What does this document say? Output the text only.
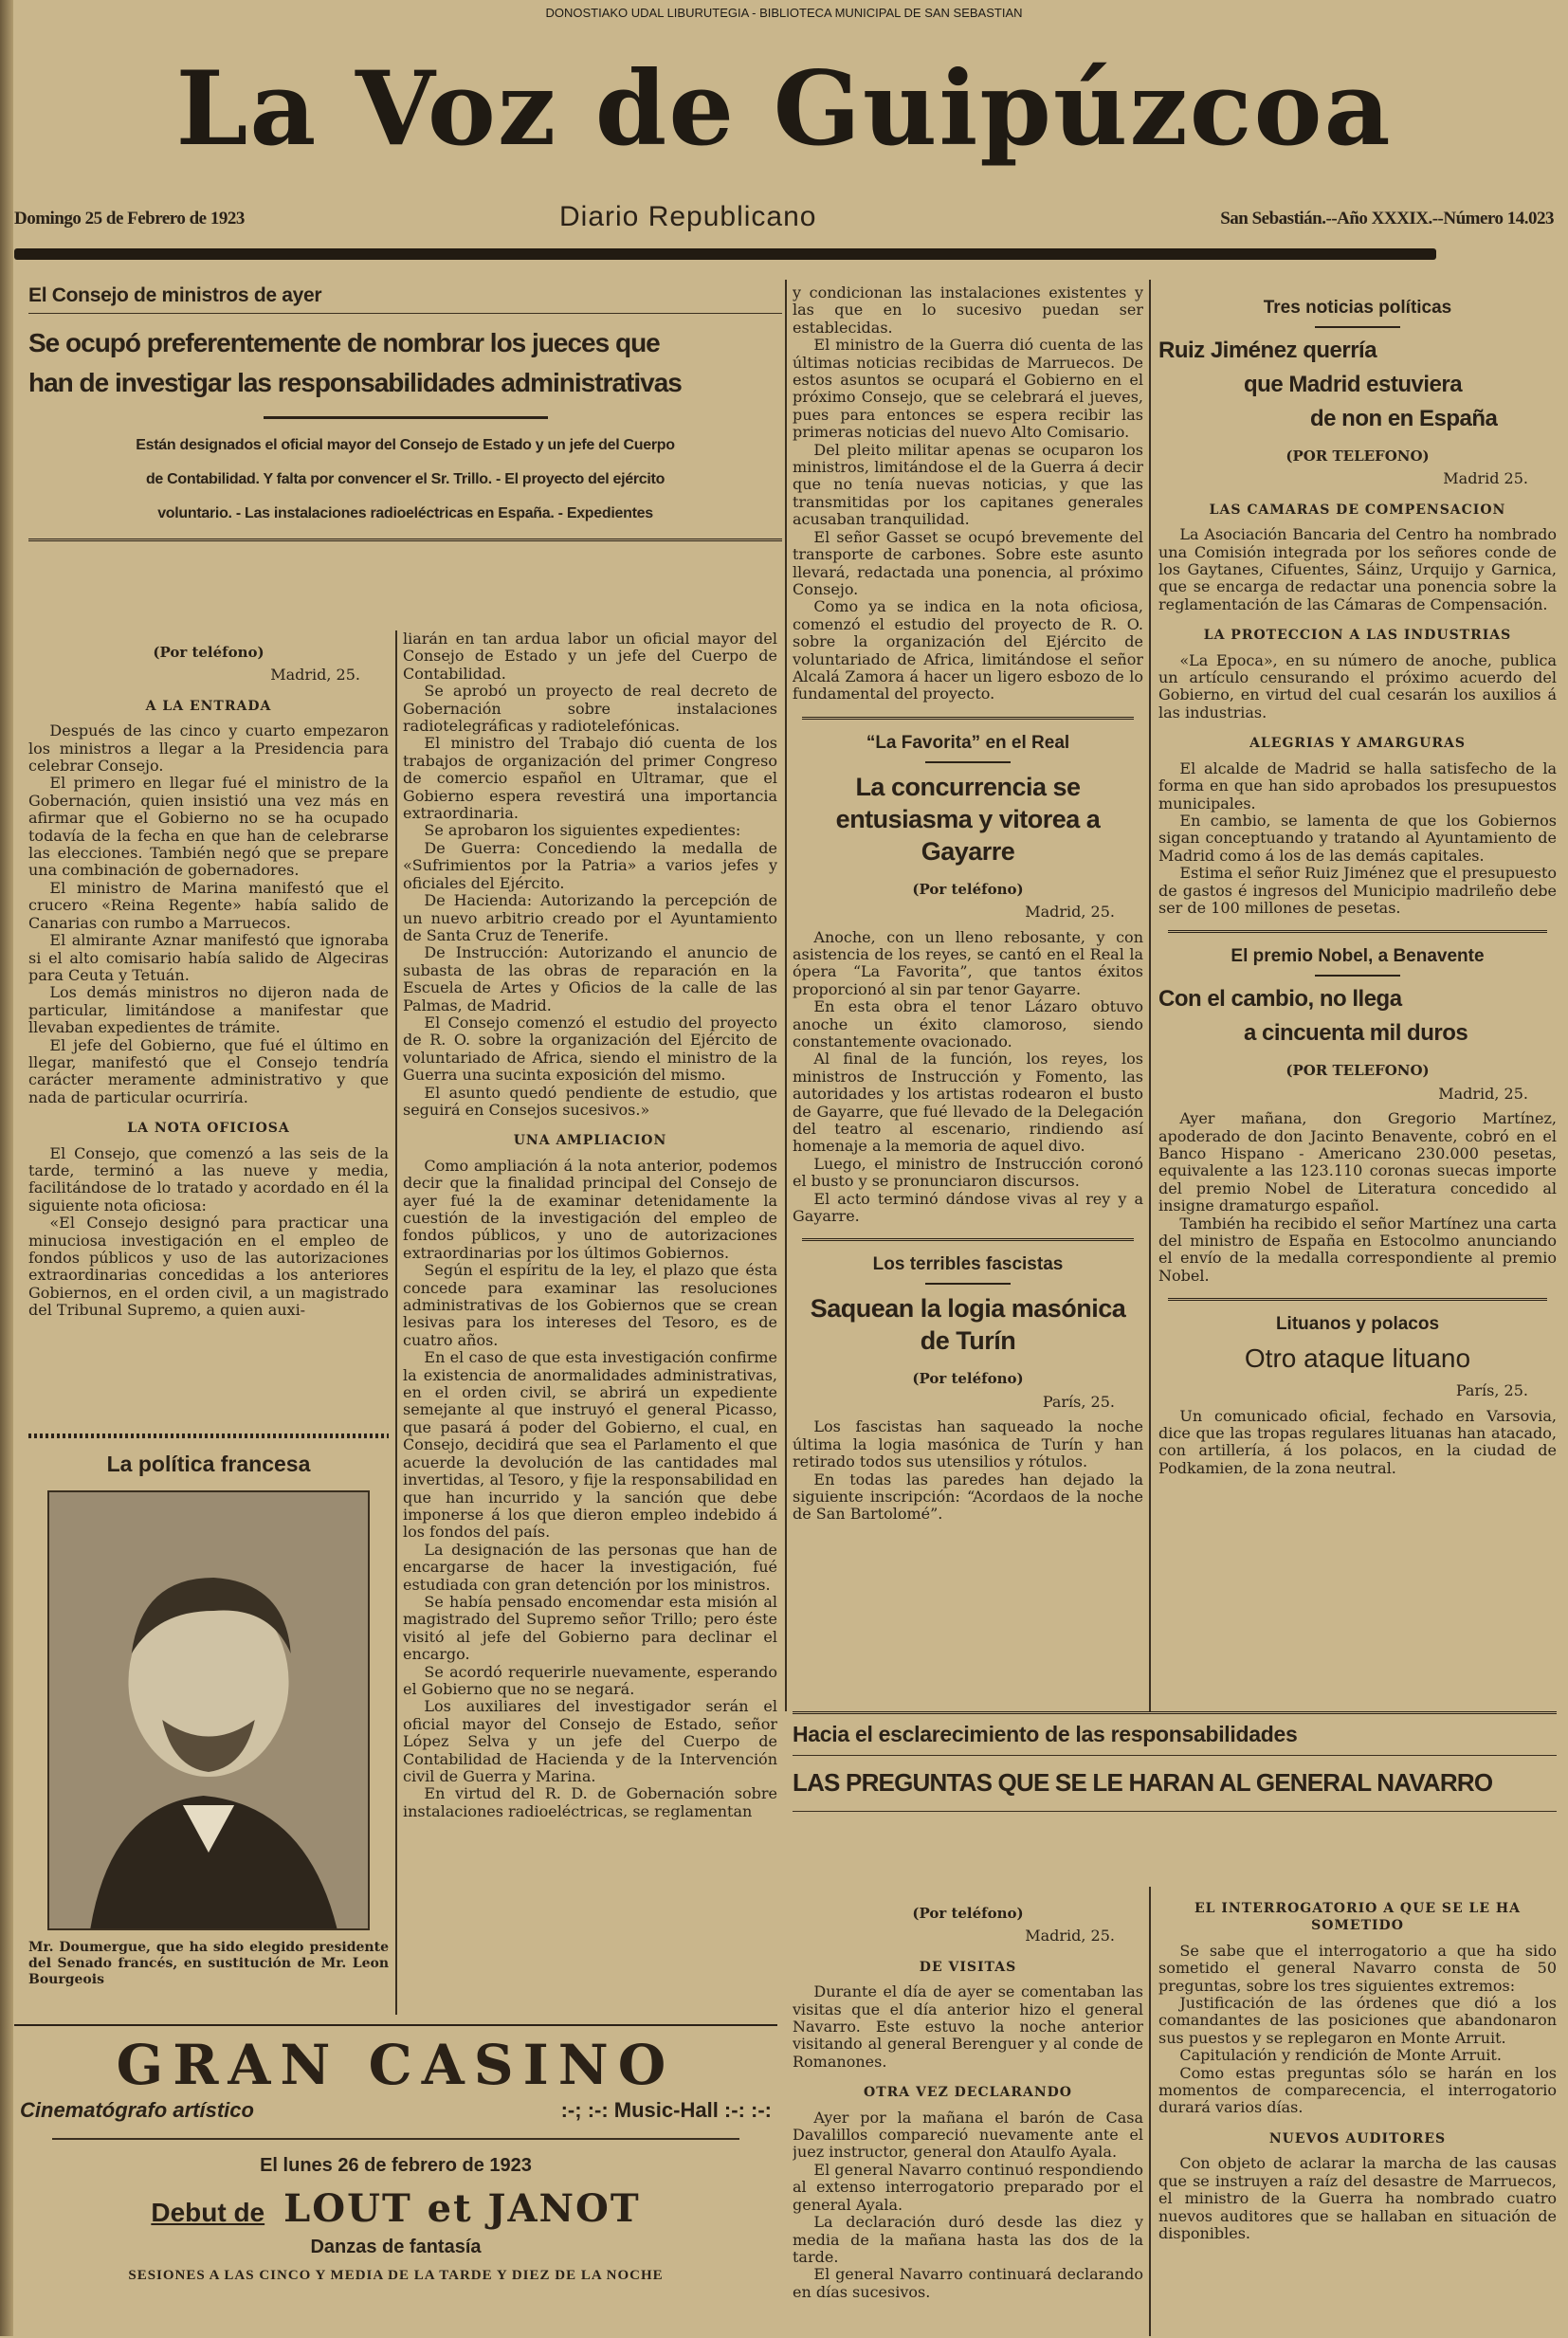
DONOSTIAKO UDAL LIBURUTEGIA - BIBLIOTECA MUNICIPAL DE SAN SEBASTIAN
La Voz de Guipúzcoa
Domingo 25 de Febrero de 1923	Diario Republicano	San Sebastián.--Año XXXIX.--Número 14.023
El Consejo de ministros de ayer
Se ocupó preferentemente de nombrar los jueces que
han de investigar las responsabilidades administrativas
Están designados el oficial mayor del Consejo de Estado y un jefe del Cuerpo
de Contabilidad. Y falta por convencer el Sr. Trillo. - El proyecto del ejército
voluntario. - Las instalaciones radioeléctricas en España. - Expedientes
(Por teléfono)
Madrid, 25.
A LA ENTRADA

Después de las cinco y cuarto empezaron los ministros a llegar a la Presidencia para celebrar Consejo.

El primero en llegar fué el ministro de la Gobernación, quien insistió una vez más en afirmar que el Gobierno no se ha ocupado todavía de la fecha en que han de celebrarse las elecciones. También negó que se prepare una combinación de gobernadores.

El ministro de Marina manifestó que el crucero «Reina Regente» había salido de Canarias con rumbo a Marruecos.

El almirante Aznar manifestó que ignoraba si el alto comisario había salido de Algeciras para Ceuta y Tetuán.

Los demás ministros no dijeron nada de particular, limitándose a manifestar que llevaban expedientes de trámite.

El jefe del Gobierno, que fué el último en llegar, manifestó que el Consejo tendría carácter meramente administrativo y que nada de particular ocurriría.

LA NOTA OFICIOSA

El Consejo, que comenzó a las seis de la tarde, terminó a las nueve y media, facilitándose de lo tratado y acordado en él la siguiente nota oficiosa:

«El Consejo designó para practicar una minuciosa investigación en el empleo de fondos públicos y uso de las autorizaciones extraordinarias concedidas a los anteriores Gobiernos, en el orden civil, a un magistrado del Tribunal Supremo, a quien auxi-

La política francesa
Mr. Doumergue, que ha sido elegido presidente del Senado francés, en sustitución de Mr. Leon Bourgeois

liarán en tan ardua labor un oficial mayor del Consejo de Estado y un jefe del Cuerpo de Contabilidad.

Se aprobó un proyecto de real decreto de Gobernación sobre instalaciones radiotelegráficas y radiotelefónicas.

El ministro del Trabajo dió cuenta de los trabajos de organización del primer Congreso de comercio español en Ultramar, que el Gobierno espera revestirá una importancia extraordinaria.

Se aprobaron los siguientes expedientes:

De Guerra: Concediendo la medalla de «Sufrimientos por la Patria» a varios jefes y oficiales del Ejército.

De Hacienda: Autorizando la percepción de un nuevo arbitrio creado por el Ayuntamiento de Santa Cruz de Tenerife.

De Instrucción: Autorizando el anuncio de subasta de las obras de reparación en la Escuela de Artes y Oficios de la calle de las Palmas, de Madrid.

El Consejo comenzó el estudio del proyecto de R. O. sobre la organización del Ejército de voluntariado de Africa, siendo el ministro de la Guerra una sucinta exposición del mismo.

El asunto quedó pendiente de estudio, que seguirá en Consejos sucesivos.»

UNA AMPLIACION

Como ampliación á la nota anterior, podemos decir que la finalidad principal del Consejo de ayer fué la de examinar detenidamente la cuestión de la investigación del empleo de fondos públicos, y uno de autorizaciones extraordinarias por los últimos Gobiernos.

Según el espíritu de la ley, el plazo que ésta concede para examinar las resoluciones administrativas de los Gobiernos que se crean lesivas para los intereses del Tesoro, es de cuatro años.

En el caso de que esta investigación confirme la existencia de anormalidades administrativas, en el orden civil, se abrirá un expediente semejante al que instruyó el general Picasso, que pasará á poder del Gobierno, el cual, en Consejo, decidirá que sea el Parlamento el que acuerde la devolución de las cantidades mal invertidas, al Tesoro, y fije la responsabilidad en que han incurrido y la sanción que debe imponerse á los que dieron empleo indebido á los fondos del país.

La designación de las personas que han de encargarse de hacer la investigación, fué estudiada con gran detención por los ministros.

Se había pensado encomendar esta misión al magistrado del Supremo señor Trillo; pero éste visitó al jefe del Gobierno para declinar el encargo.

Se acordó requerirle nuevamente, esperando el Gobierno que no se negará.

Los auxiliares del investigador serán el oficial mayor del Consejo de Estado, señor López Selva y un jefe del Cuerpo de Contabilidad de Hacienda y de la Intervención civil de Guerra y Marina.

En virtud del R. D. de Gobernación sobre instalaciones radioeléctricas, se reglamentan

y condicionan las instalaciones existentes y las que en lo sucesivo puedan ser establecidas.

El ministro de la Guerra dió cuenta de las últimas noticias recibidas de Marruecos. De estos asuntos se ocupará el Gobierno en el próximo Consejo, que se celebrará el jueves, pues para entonces se espera recibir las primeras noticias del nuevo Alto Comisario.

Del pleito militar apenas se ocuparon los ministros, limitándose el de la Guerra á decir que no tenía nuevas noticias, y que las transmitidas por los capitanes generales acusaban tranquilidad.

El señor Gasset se ocupó brevemente del transporte de carbones. Sobre este asunto llevará, redactada una ponencia, al próximo Consejo.

Como ya se indica en la nota oficiosa, comenzó el estudio del proyecto de R. O. sobre la organización del Ejército de voluntariado de Africa, limitándose el señor Alcalá Zamora á hacer un ligero esbozo de lo fundamental del proyecto.

“La Favorita” en el Real
La concurrencia se entusiasma y vitorea a Gayarre
(Por teléfono)
Madrid, 25.

Anoche, con un lleno rebosante, y con asistencia de los reyes, se cantó en el Real la ópera “La Favorita”, que tantos éxitos proporcionó al sin par tenor Gayarre.

En esta obra el tenor Lázaro obtuvo anoche un éxito clamoroso, siendo constantemente ovacionado.

Al final de la función, los reyes, los ministros de Instrucción y Fomento, las autoridades y los artistas rodearon el busto de Gayarre, que fué llevado de la Delegación del teatro al escenario, rindiendo así homenaje a la memoria de aquel divo.

Luego, el ministro de Instrucción coronó el busto y se pronunciaron discursos.

El acto terminó dándose vivas al rey y a Gayarre.

Los terribles fascistas
Saquean la logia masónica de Turín
(Por teléfono)
París, 25.

Los fascistas han saqueado la noche última la logia masónica de Turín y han retirado todos sus utensilios y rótulos.

En todas las paredes han dejado la siguiente inscripción: “Acordaos de la noche de San Bartolomé”.

Tres noticias políticas
Ruiz Jiménez querría
que Madrid estuviera
de non en España
(POR TELEFONO)
Madrid 25.
LAS CAMARAS DE COMPENSACION

La Asociación Bancaria del Centro ha nombrado una Comisión integrada por los señores conde de los Gaytanes, Cifuentes, Sáinz, Urquijo y Garnica, que se encarga de redactar una ponencia sobre la reglamentación de las Cámaras de Compensación.

LA PROTECCION A LAS INDUSTRIAS

«La Epoca», en su número de anoche, publica un artículo censurando el próximo acuerdo del Gobierno, en virtud del cual cesarán los auxilios á las industrias.

ALEGRIAS Y AMARGURAS

El alcalde de Madrid se halla satisfecho de la forma en que han sido aprobados los presupuestos municipales.

En cambio, se lamenta de que los Gobiernos sigan conceptuando y tratando al Ayuntamiento de Madrid como á los de las demás capitales.

Estima el señor Ruiz Jiménez que el presupuesto de gastos é ingresos del Municipio madrileño debe ser de 100 millones de pesetas.

El premio Nobel, a Benavente
Con el cambio, no llega
a cincuenta mil duros
(POR TELEFONO)
Madrid, 25.

Ayer mañana, don Gregorio Martínez, apoderado de don Jacinto Benavente, cobró en el Banco Hispano - Americano 230.000 pesetas, equivalente a las 123.110 coronas suecas importe del premio Nobel de Literatura concedido al insigne dramaturgo español.

También ha recibido el señor Martínez una carta del ministro de España en Estocolmo anunciando el envío de la medalla correspondiente al premio Nobel.

Lituanos y polacos
Otro ataque lituano
París, 25.

Un comunicado oficial, fechado en Varsovia, dice que las tropas regulares lituanas han atacado, con artillería, á los polacos, en la ciudad de Podkamien, de la zona neutral.

Hacia el esclarecimiento de las responsabilidades
LAS PREGUNTAS QUE SE LE HARAN AL GENERAL NAVARRO
(Por teléfono)
Madrid, 25.
DE VISITAS

Durante el día de ayer se comentaban las visitas que el día anterior hizo el general Navarro. Este estuvo la noche anterior visitando al general Berenguer y al conde de Romanones.

OTRA VEZ DECLARANDO

Ayer por la mañana el barón de Casa Davalillos compareció nuevamente ante el juez instructor, general don Ataulfo Ayala.

El general Navarro continuó respondiendo al extenso interrogatorio preparado por el general Ayala.

La declaración duró desde las diez y media de la mañana hasta las dos de la tarde.

El general Navarro continuará declarando en días sucesivos.

EL INTERROGATORIO A QUE SE LE HA SOMETIDO

Se sabe que el interrogatorio a que ha sido sometido el general Navarro consta de 50 preguntas, sobre los tres siguientes extremos:

Justificación de las órdenes que dió a los comandantes de las posiciones que abandonaron sus puestos y se replegaron en Monte Arruit.

Capitulación y rendición de Monte Arruit.

Como estas preguntas sólo se harán en los momentos de comparecencia, el interrogatorio durará varios días.

NUEVOS AUDITORES

Con objeto de aclarar la marcha de las causas que se instruyen a raíz del desastre de Marruecos, el ministro de la Guerra ha nombrado cuatro nuevos auditores que se hallaban en situación de disponibles.

GRAN CASINO
Cinematógrafo artístico	:-; :-: Music-Hall :-: :-:
El lunes 26 de febrero de 1923
Debut de LOUT et JANOT
Danzas de fantasía
SESIONES A LAS CINCO Y MEDIA DE LA TARDE Y DIEZ DE LA NOCHE
